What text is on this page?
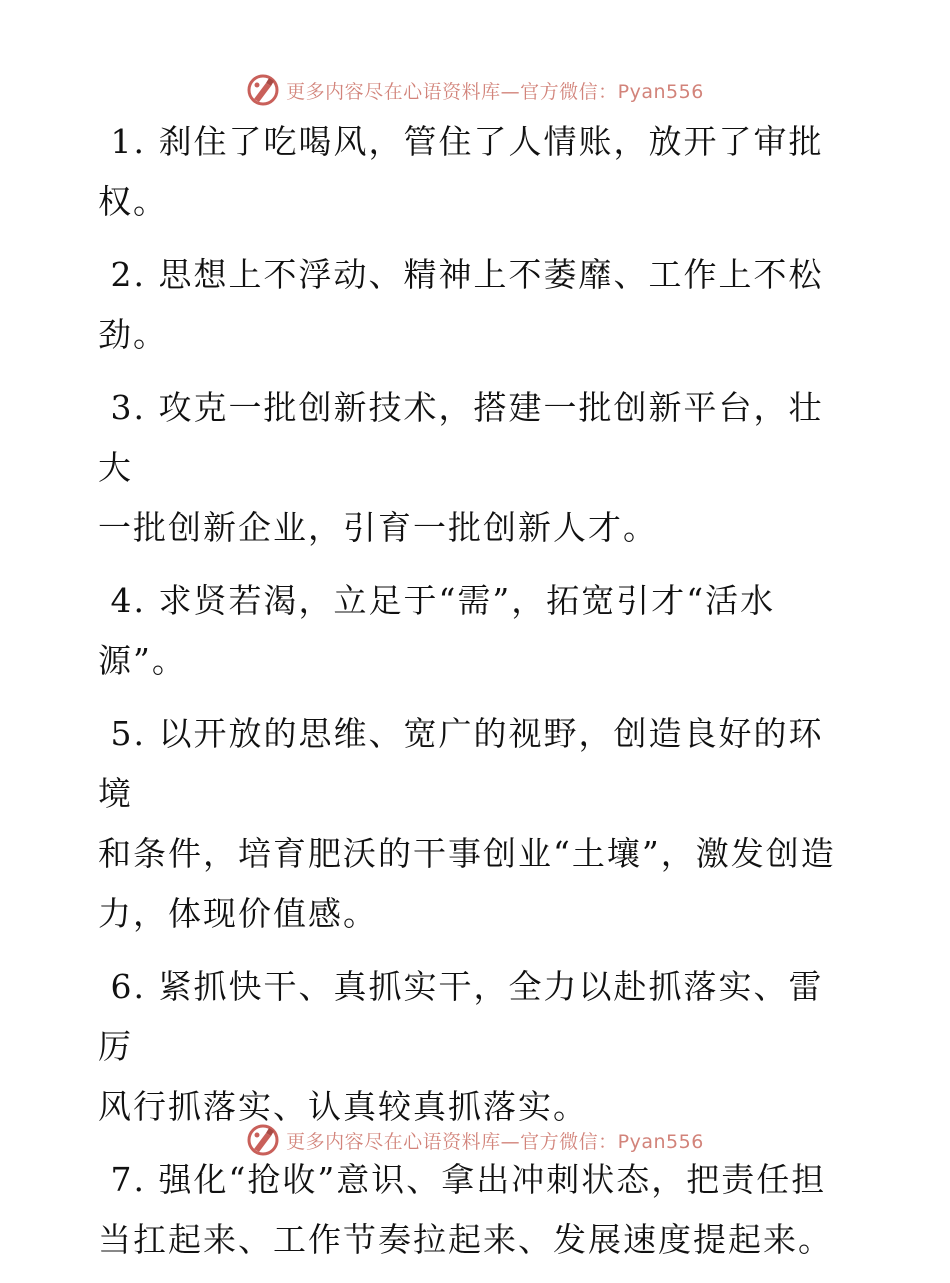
更多内容尽在心语资料库—官方微信：Pyan556

1. 刹住了吃喝风，管住了人情账，放开了审批
权。

2. 思想上不浮动、精神上不萎靡、工作上不松
劲。

3. 攻克一批创新技术，搭建一批创新平台，壮大
一批创新企业，引育一批创新人才。

4. 求贤若渴，立足于“需”，拓宽引才“活水
源”。

5. 以开放的思维、宽广的视野，创造良好的环境
和条件，培育肥沃的干事创业“土壤”，激发创造
力，体现价值感。

6. 紧抓快干、真抓实干，全力以赴抓落实、雷厉
风行抓落实、认真较真抓落实。

7. 强化“抢收”意识、拿出冲刺状态，把责任担
当扛起来、工作节奏拉起来、发展速度提起来。

更多内容尽在心语资料库—官方微信：Pyan556
